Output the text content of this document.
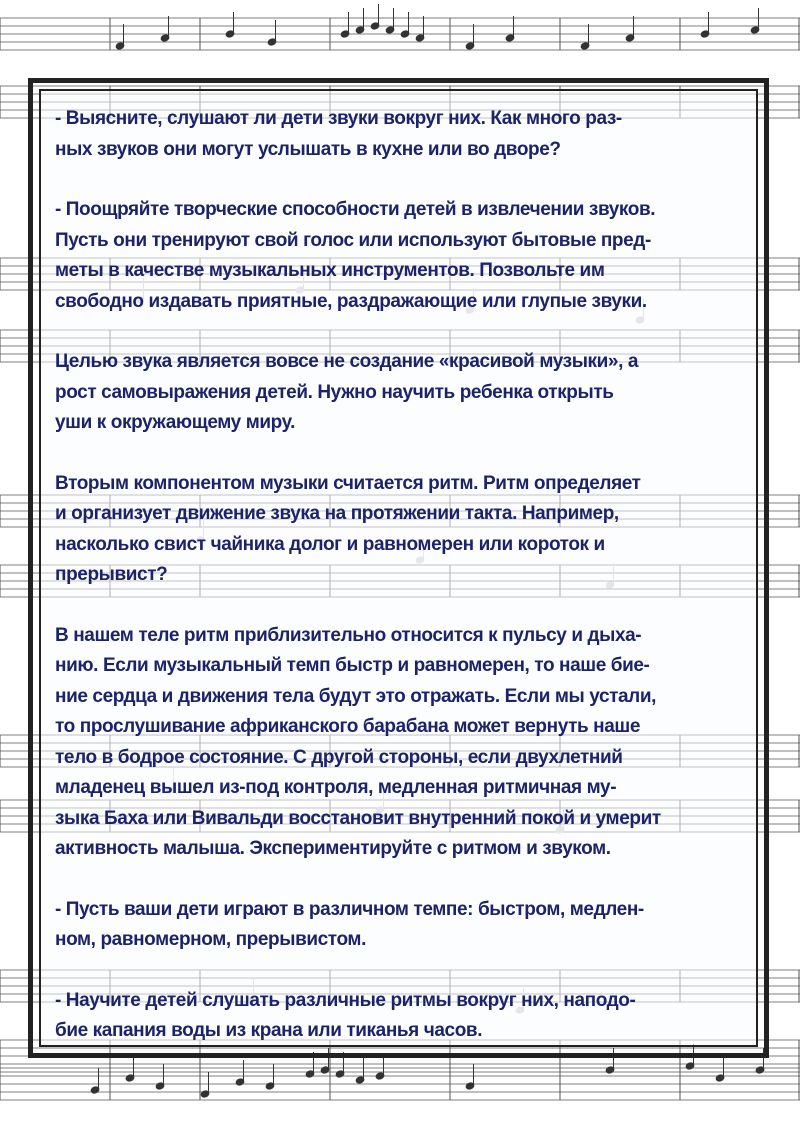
- Выясните, слушают ли дети звуки вокруг них. Как много раз-
ных звуков они могут услышать в кухне или во дворе?

- Поощряйте творческие способности детей в извлечении звуков.
Пусть они тренируют свой голос или используют бытовые пред-
меты в качестве музыкальных инструментов. Позвольте им
свободно издавать приятные, раздражающие или глупые звуки.

Целью звука является вовсе не создание «красивой музыки», а
рост самовыражения детей. Нужно научить ребенка открыть
уши к окружающему миру.

Вторым компонентом музыки считается ритм. Ритм определяет
и организует движение звука на протяжении такта. Например,
насколько свист чайника долог и равномерен или короток и
прерывист?

В нашем теле ритм приблизительно относится к пульсу и дыха-
нию. Если музыкальный темп быстр и равномерен, то наше бие-
ние сердца и движения тела будут это отражать. Если мы устали,
то прослушивание африканского барабана может вернуть наше
тело в бодрое состояние. С другой стороны, если двухлетний
младенец вышел из-под контроля, медленная ритмичная му-
зыка Баха или Вивальди восстановит внутренний покой и умерит
активность малыша. Экспериментируйте с ритмом и звуком.

- Пусть ваши дети играют в различном темпе: быстром, медлен-
ном, равномерном, прерывистом.

- Научите детей слушать различные ритмы вокруг них, наподо-
бие капания воды из крана или тиканья часов.
